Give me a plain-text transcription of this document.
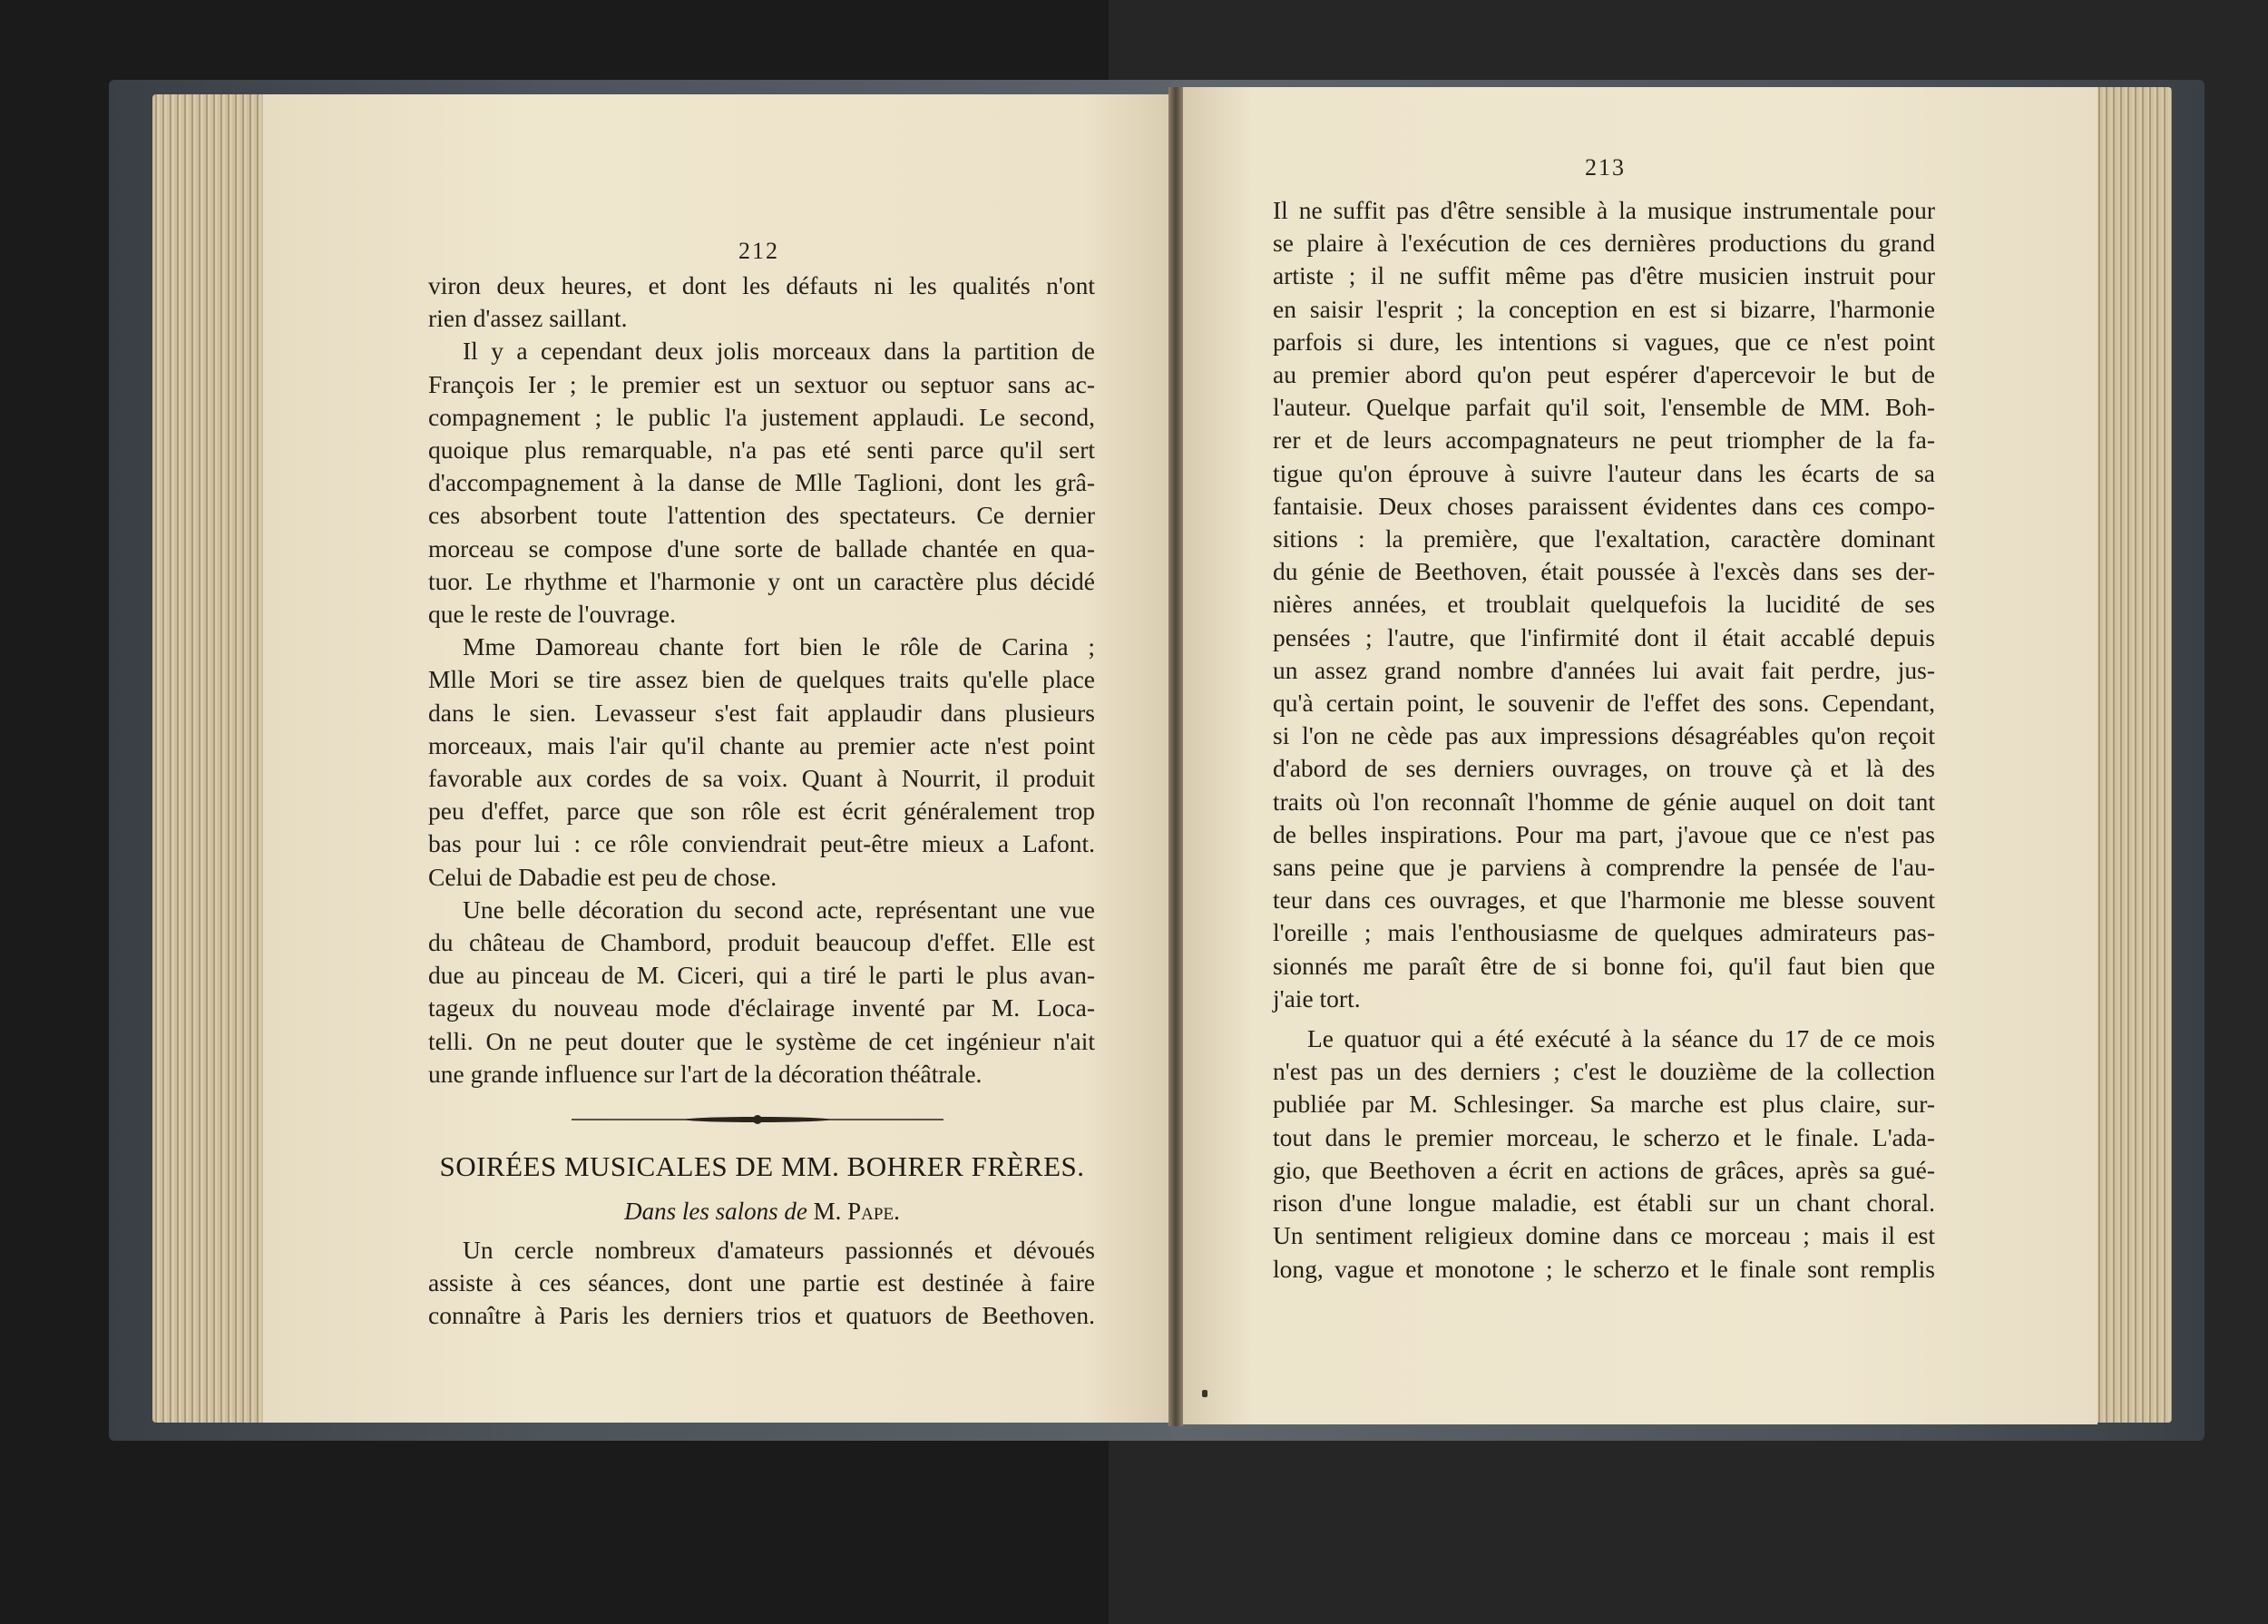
212
213
viron deux heures, et dont les défauts ni les qualités n'ont
rien d'assez saillant.
Il y a cependant deux jolis morceaux dans la partition de
François Ier ; le premier est un sextuor ou septuor sans ac-
compagnement ; le public l'a justement applaudi. Le second,
quoique plus remarquable, n'a pas eté senti parce qu'il sert
d'accompagnement à la danse de Mlle Taglioni, dont les grâ-
ces absorbent toute l'attention des spectateurs. Ce dernier
morceau se compose d'une sorte de ballade chantée en qua-
tuor. Le rhythme et l'harmonie y ont un caractère plus décidé
que le reste de l'ouvrage.
Mme Damoreau chante fort bien le rôle de Carina ;
Mlle Mori se tire assez bien de quelques traits qu'elle place
dans le sien. Levasseur s'est fait applaudir dans plusieurs
morceaux, mais l'air qu'il chante au premier acte n'est point
favorable aux cordes de sa voix. Quant à Nourrit, il produit
peu d'effet, parce que son rôle est écrit généralement trop
bas pour lui : ce rôle conviendrait peut-être mieux a Lafont.
Celui de Dabadie est peu de chose.
Une belle décoration du second acte, représentant une vue
du château de Chambord, produit beaucoup d'effet. Elle est
due au pinceau de M. Ciceri, qui a tiré le parti le plus avan-
tageux du nouveau mode d'éclairage inventé par M. Loca-
telli. On ne peut douter que le système de cet ingénieur n'ait
une grande influence sur l'art de la décoration théâtrale.
SOIRÉES MUSICALES DE MM. BOHRER FRÈRES.
Dans les salons de M. Pape.
Un cercle nombreux d'amateurs passionnés et dévoués
assiste à ces séances, dont une partie est destinée à faire
connaître à Paris les derniers trios et quatuors de Beethoven.
Il ne suffit pas d'être sensible à la musique instrumentale pour
se plaire à l'exécution de ces dernières productions du grand
artiste ; il ne suffit même pas d'être musicien instruit pour
en saisir l'esprit ; la conception en est si bizarre, l'harmonie
parfois si dure, les intentions si vagues, que ce n'est point
au premier abord qu'on peut espérer d'apercevoir le but de
l'auteur. Quelque parfait qu'il soit, l'ensemble de MM. Boh-
rer et de leurs accompagnateurs ne peut triompher de la fa-
tigue qu'on éprouve à suivre l'auteur dans les écarts de sa
fantaisie. Deux choses paraissent évidentes dans ces compo-
sitions : la première, que l'exaltation, caractère dominant
du génie de Beethoven, était poussée à l'excès dans ses der-
nières années, et troublait quelquefois la lucidité de ses
pensées ; l'autre, que l'infirmité dont il était accablé depuis
un assez grand nombre d'années lui avait fait perdre, jus-
qu'à certain point, le souvenir de l'effet des sons. Cependant,
si l'on ne cède pas aux impressions désagréables qu'on reçoit
d'abord de ses derniers ouvrages, on trouve çà et là des
traits où l'on reconnaît l'homme de génie auquel on doit tant
de belles inspirations. Pour ma part, j'avoue que ce n'est pas
sans peine que je parviens à comprendre la pensée de l'au-
teur dans ces ouvrages, et que l'harmonie me blesse souvent
l'oreille ; mais l'enthousiasme de quelques admirateurs pas-
sionnés me paraît être de si bonne foi, qu'il faut bien que
j'aie tort.
Le quatuor qui a été exécuté à la séance du 17 de ce mois
n'est pas un des derniers ; c'est le douzième de la collection
publiée par M. Schlesinger. Sa marche est plus claire, sur-
tout dans le premier morceau, le scherzo et le finale. L'ada-
gio, que Beethoven a écrit en actions de grâces, après sa gué-
rison d'une longue maladie, est établi sur un chant choral.
Un sentiment religieux domine dans ce morceau ; mais il est
long, vague et monotone ; le scherzo et le finale sont remplis
